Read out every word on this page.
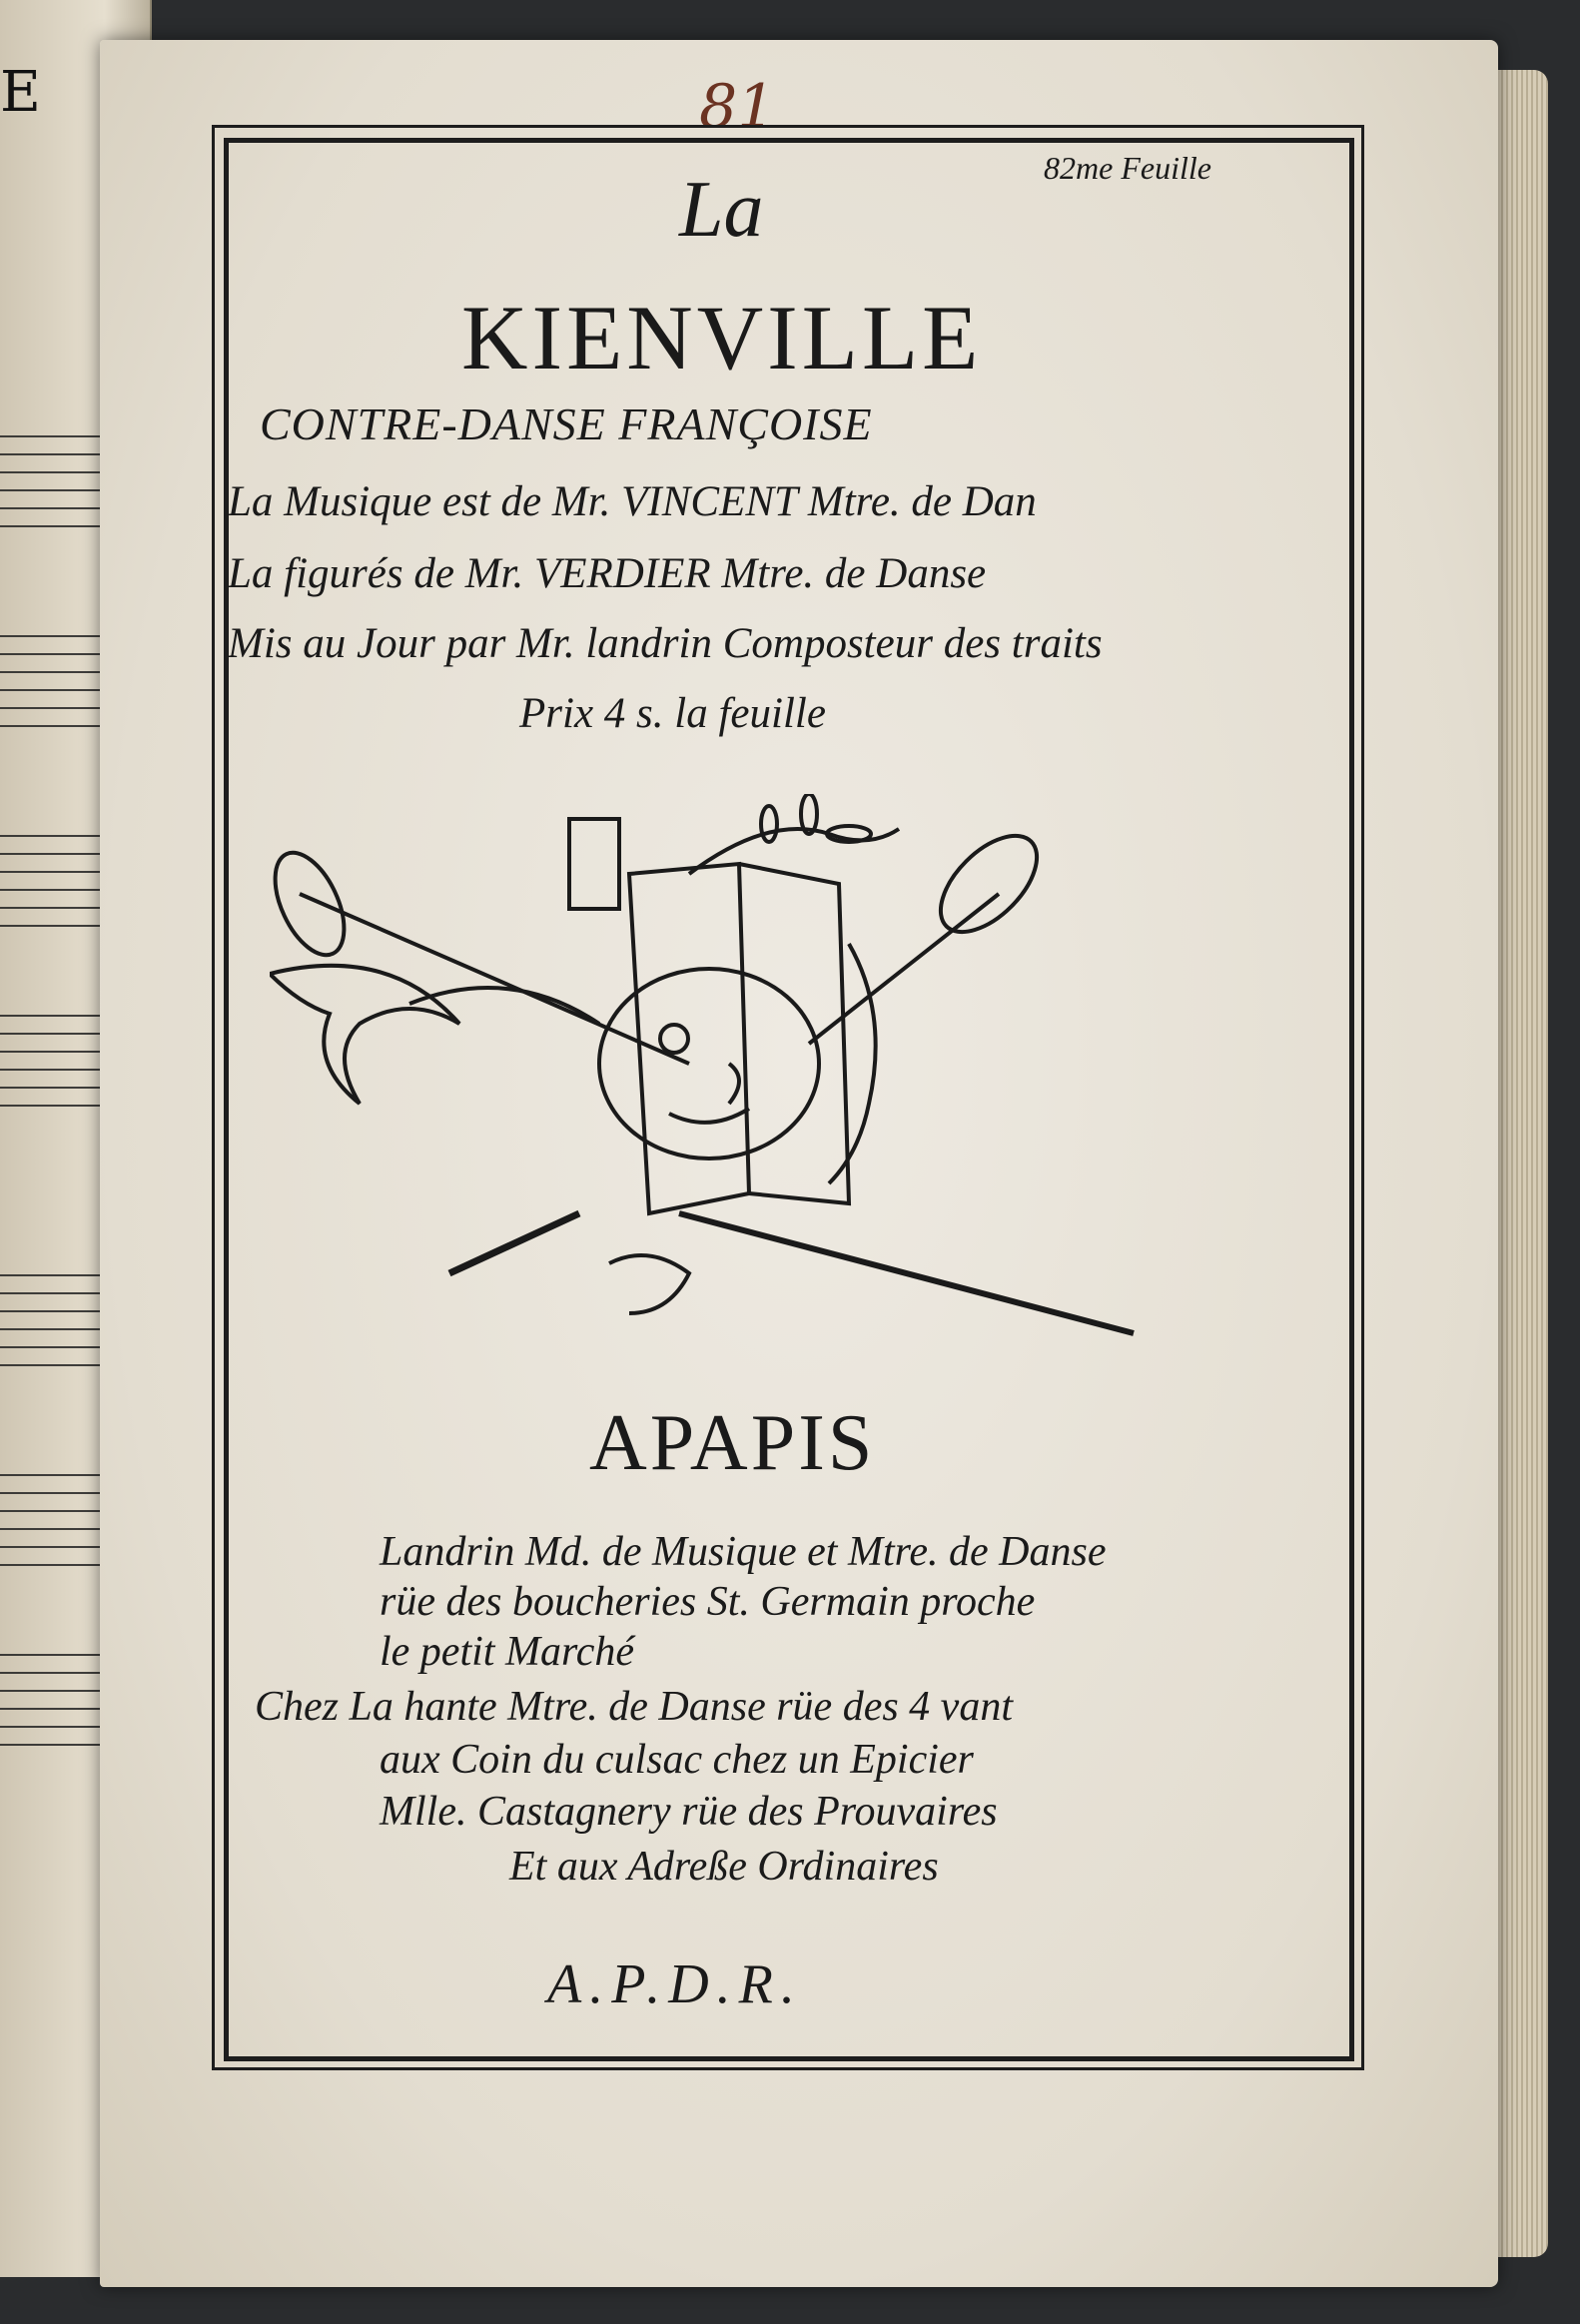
E	81
82me Feuille
La
KIENVILLE
CONTRE-DANSE FRANÇOISE
La Musique est de Mr. VINCENT Mtre. de Dan
La figurés de Mr. VERDIER Mtre. de Danse
Mis au Jour par Mr. landrin Composteur des traits
Prix 4 s. la feuille
APAPIS
Landrin Md. de Musique et Mtre. de Danse
rüe des boucheries St. Germain proche
le petit Marché
Chez La hante Mtre. de Danse rüe des 4 vant
aux Coin du culsac chez un Epicier
Mlle. Castagnery rüe des Prouvaires
Et aux Adreße Ordinaires
A.P.D.R.
